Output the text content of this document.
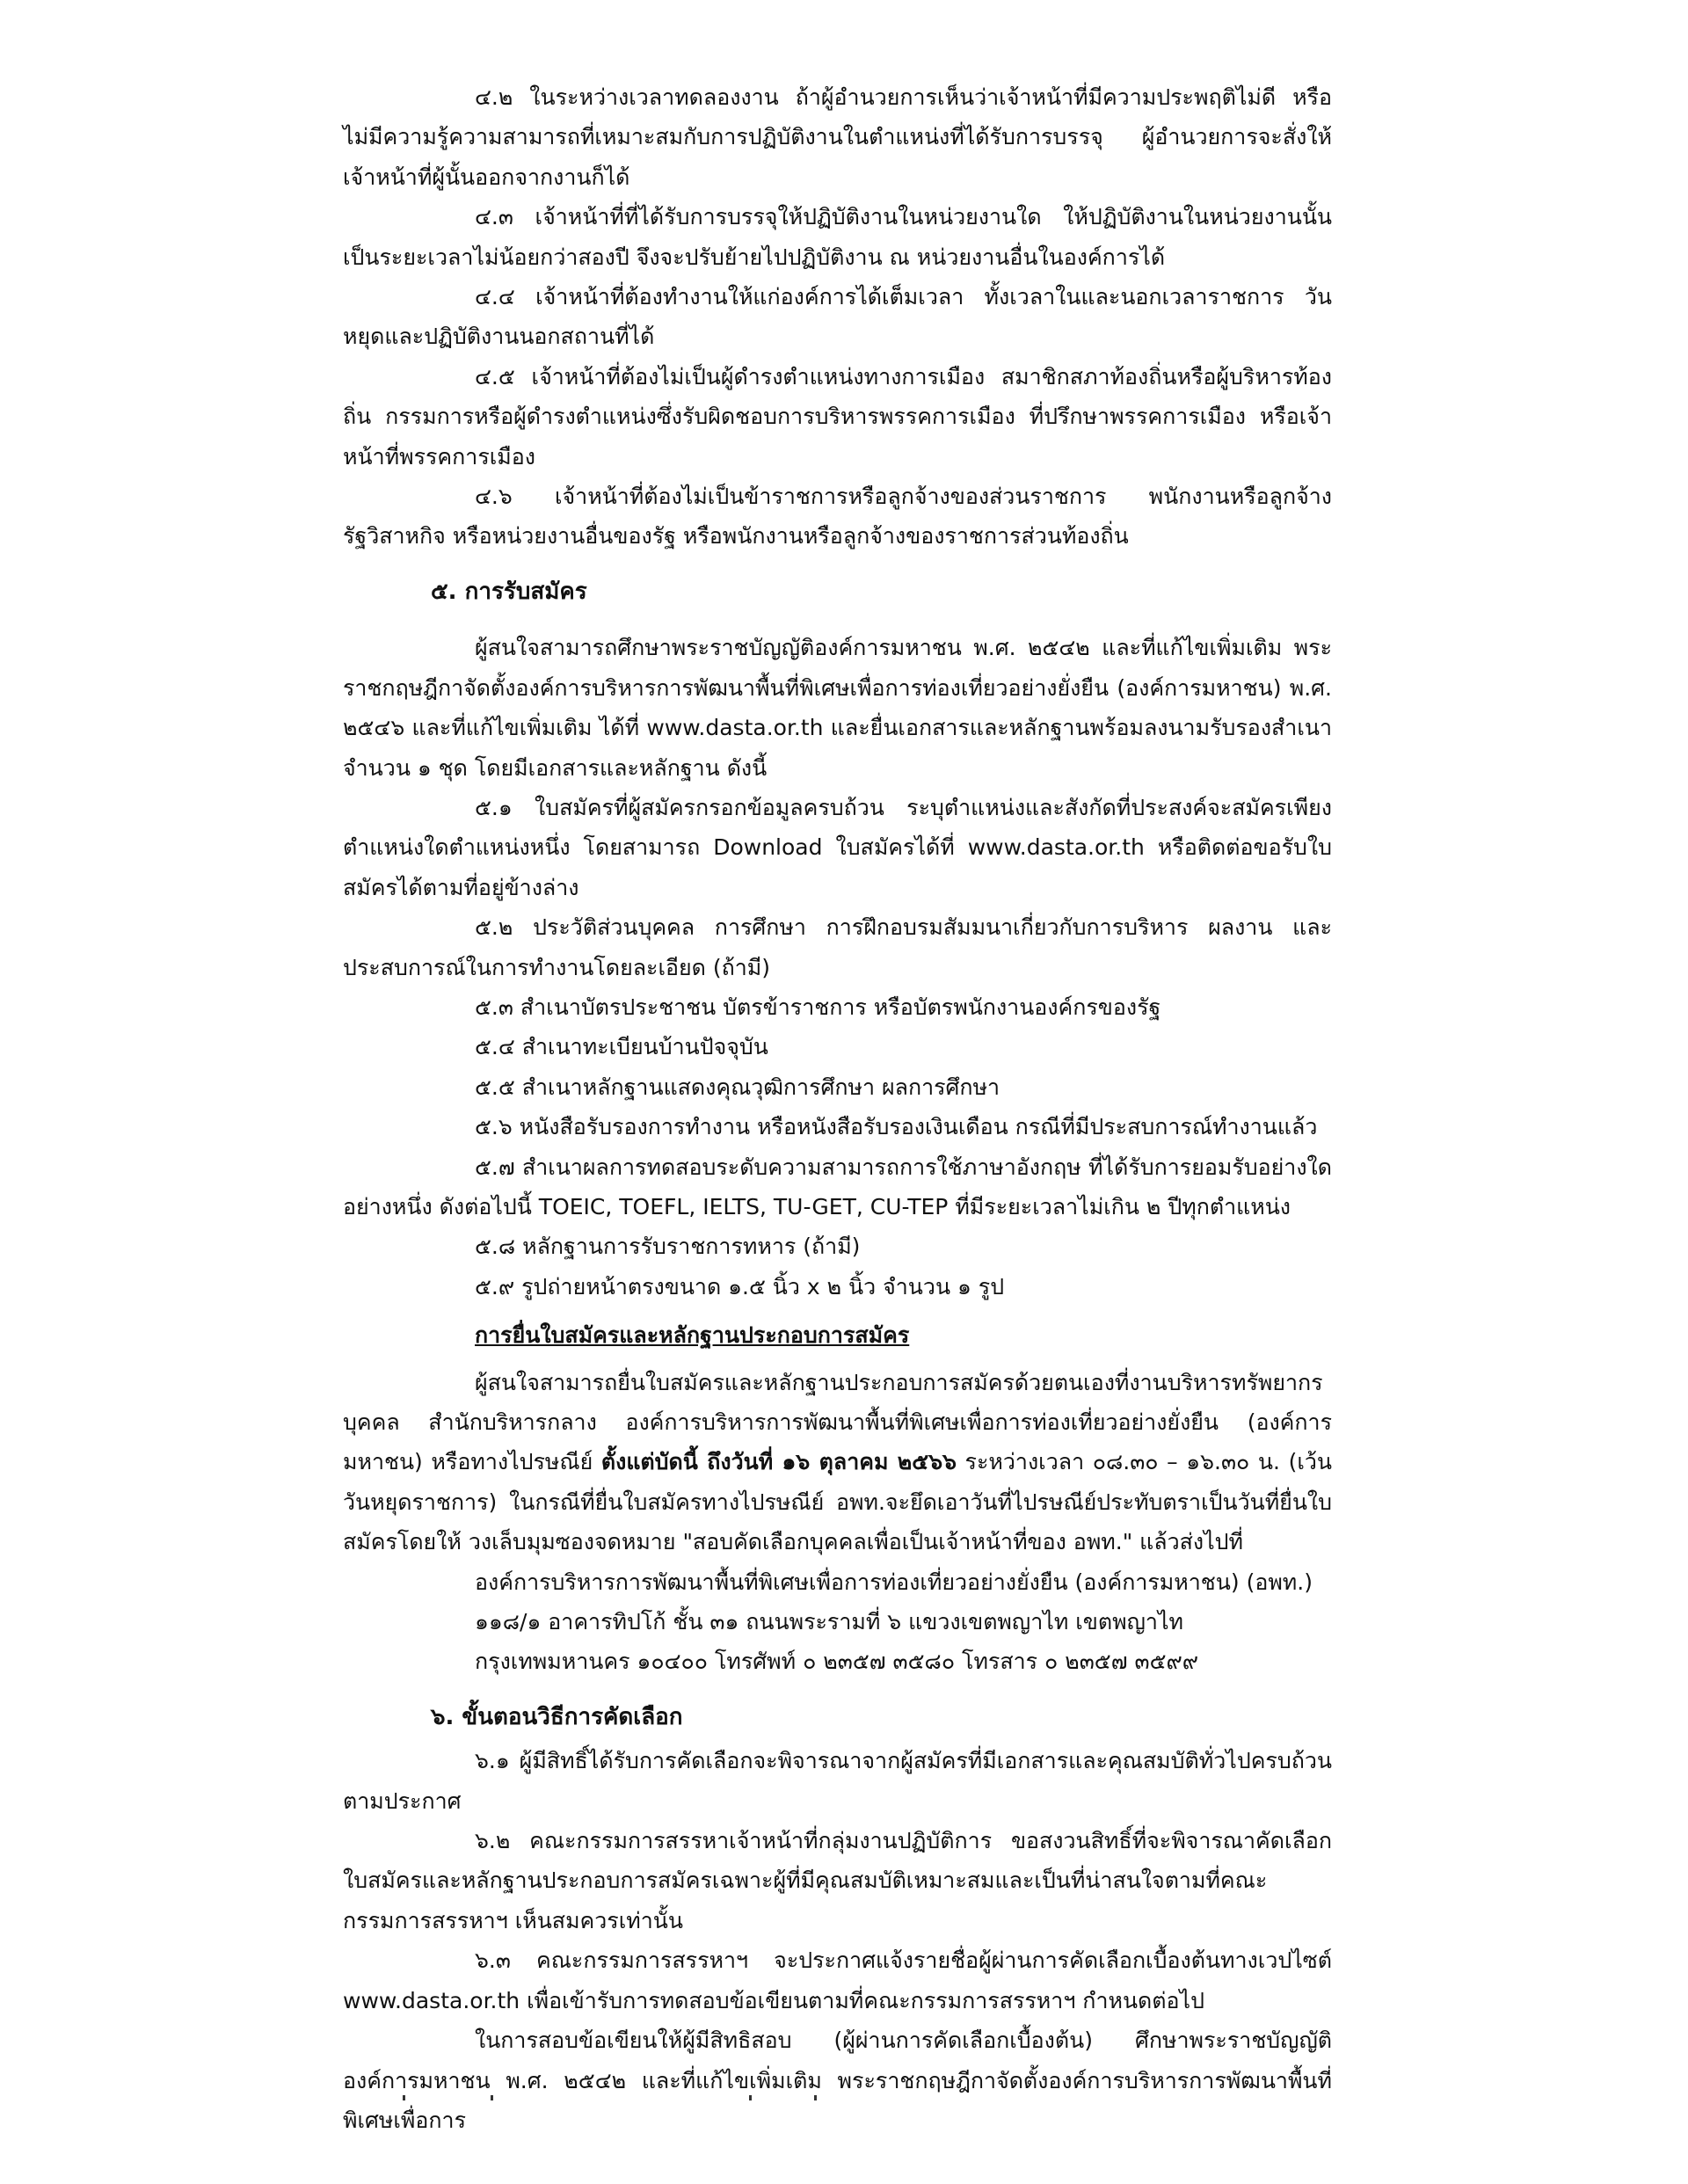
๔.๒ ในระหว่างเวลาทดลองงาน ถ้าผู้อำนวยการเห็นว่าเจ้าหน้าที่มีความประพฤติไม่ดี หรือไม่มีความรู้ความสามารถที่เหมาะสมกับการปฏิบัติงานในตำแหน่งที่ได้รับการบรรจุ ผู้อำนวยการจะสั่งให้เจ้าหน้าที่ผู้นั้นออกจากงานก็ได้

๔.๓ เจ้าหน้าที่ที่ได้รับการบรรจุให้ปฏิบัติงานในหน่วยงานใด ให้ปฏิบัติงานในหน่วยงานนั้นเป็นระยะเวลาไม่น้อยกว่าสองปี จึงจะปรับย้ายไปปฏิบัติงาน ณ หน่วยงานอื่นในองค์การได้

๔.๔ เจ้าหน้าที่ต้องทำงานให้แก่องค์การได้เต็มเวลา ทั้งเวลาในและนอกเวลาราชการ วันหยุดและปฏิบัติงานนอกสถานที่ได้

๔.๕ เจ้าหน้าที่ต้องไม่เป็นผู้ดำรงตำแหน่งทางการเมือง สมาชิกสภาท้องถิ่นหรือผู้บริหารท้องถิ่น กรรมการหรือผู้ดำรงตำแหน่งซึ่งรับผิดชอบการบริหารพรรคการเมือง ที่ปรึกษาพรรคการเมือง หรือเจ้าหน้าที่พรรคการเมือง

๔.๖ เจ้าหน้าที่ต้องไม่เป็นข้าราชการหรือลูกจ้างของส่วนราชการ พนักงานหรือลูกจ้างรัฐวิสาหกิจ หรือหน่วยงานอื่นของรัฐ หรือพนักงานหรือลูกจ้างของราชการส่วนท้องถิ่น

๕. การรับสมัคร

ผู้สนใจสามารถศึกษาพระราชบัญญัติองค์การมหาชน พ.ศ. ๒๕๔๒ และที่แก้ไขเพิ่มเติม พระราชกฤษฎีกาจัดตั้งองค์การบริหารการพัฒนาพื้นที่พิเศษเพื่อการท่องเที่ยวอย่างยั่งยืน (องค์การมหาชน) พ.ศ. ๒๕๔๖ และที่แก้ไขเพิ่มเติม ได้ที่ www.dasta.or.th และยื่นเอกสารและหลักฐานพร้อมลงนามรับรองสำเนา จำนวน ๑ ชุด โดยมีเอกสารและหลักฐาน ดังนี้

๕.๑ ใบสมัครที่ผู้สมัครกรอกข้อมูลครบถ้วน ระบุตำแหน่งและสังกัดที่ประสงค์จะสมัครเพียงตำแหน่งใดตำแหน่งหนึ่ง โดยสามารถ Download ใบสมัครได้ที่ www.dasta.or.th หรือติดต่อขอรับใบสมัครได้ตามที่อยู่ข้างล่าง

๕.๒ ประวัติส่วนบุคคล การศึกษา การฝึกอบรมสัมมนาเกี่ยวกับการบริหาร ผลงาน และประสบการณ์ในการทำงานโดยละเอียด (ถ้ามี)

๕.๓ สำเนาบัตรประชาชน บัตรข้าราชการ หรือบัตรพนักงานองค์กรของรัฐ

๕.๔ สำเนาทะเบียนบ้านปัจจุบัน

๕.๕ สำเนาหลักฐานแสดงคุณวุฒิการศึกษา ผลการศึกษา

๕.๖ หนังสือรับรองการทำงาน หรือหนังสือรับรองเงินเดือน กรณีที่มีประสบการณ์ทำงานแล้ว

๕.๗ สำเนาผลการทดสอบระดับความสามารถการใช้ภาษาอังกฤษ ที่ได้รับการยอมรับอย่างใดอย่างหนึ่ง ดังต่อไปนี้ TOEIC, TOEFL, IELTS, TU-GET, CU-TEP ที่มีระยะเวลาไม่เกิน ๒ ปีทุกตำแหน่ง

๕.๘ หลักฐานการรับราชการทหาร (ถ้ามี)

๕.๙ รูปถ่ายหน้าตรงขนาด ๑.๕ นิ้ว x ๒ นิ้ว จำนวน ๑ รูป

การยื่นใบสมัครและหลักฐานประกอบการสมัคร

ผู้สนใจสามารถยื่นใบสมัครและหลักฐานประกอบการสมัครด้วยตนเองที่งานบริหารทรัพยากรบุคคล สำนักบริหารกลาง องค์การบริหารการพัฒนาพื้นที่พิเศษเพื่อการท่องเที่ยวอย่างยั่งยืน (องค์การมหาชน) หรือทางไปรษณีย์ ตั้งแต่บัดนี้ ถึงวันที่ ๑๖ ตุลาคม ๒๕๖๖ ระหว่างเวลา ๐๘.๓๐ – ๑๖.๓๐ น. (เว้นวันหยุดราชการ) ในกรณีที่ยื่นใบสมัครทางไปรษณีย์ อพท.จะยึดเอาวันที่ไปรษณีย์ประทับตราเป็นวันที่ยื่นใบสมัครโดยให้ วงเล็บมุมซองจดหมาย "สอบคัดเลือกบุคคลเพื่อเป็นเจ้าหน้าที่ของ อพท." แล้วส่งไปที่

องค์การบริหารการพัฒนาพื้นที่พิเศษเพื่อการท่องเที่ยวอย่างยั่งยืน (องค์การมหาชน) (อพท.)

๑๑๘/๑ อาคารทิปโก้ ชั้น ๓๑ ถนนพระรามที่ ๖ แขวงเขตพญาไท เขตพญาไท

กรุงเทพมหานคร ๑๐๔๐๐ โทรศัพท์ ๐ ๒๓๕๗ ๓๕๘๐ โทรสาร ๐ ๒๓๕๗ ๓๕๙๙

๖. ขั้นตอนวิธีการคัดเลือก

๖.๑ ผู้มีสิทธิ์ได้รับการคัดเลือกจะพิจารณาจากผู้สมัครที่มีเอกสารและคุณสมบัติทั่วไปครบถ้วนตามประกาศ

๖.๒ คณะกรรมการสรรหาเจ้าหน้าที่กลุ่มงานปฏิบัติการ ขอสงวนสิทธิ์ที่จะพิจารณาคัดเลือกใบสมัครและหลักฐานประกอบการสมัครเฉพาะผู้ที่มีคุณสมบัติเหมาะสมและเป็นที่น่าสนใจตามที่คณะกรรมการสรรหาฯ เห็นสมควรเท่านั้น

๖.๓ คณะกรรมการสรรหาฯ จะประกาศแจ้งรายชื่อผู้ผ่านการคัดเลือกเบื้องต้นทางเวปไซต์ www.dasta.or.th เพื่อเข้ารับการทดสอบข้อเขียนตามที่คณะกรรมการสรรหาฯ กำหนดต่อไป

ในการสอบข้อเขียนให้ผู้มีสิทธิสอบ (ผู้ผ่านการคัดเลือกเบื้องต้น) ศึกษาพระราชบัญญัติองค์การมหาชน พ.ศ. ๒๕๔๒ และที่แก้ไขเพิ่มเติม พระราชกฤษฎีกาจัดตั้งองค์การบริหารการพัฒนาพื้นที่พิเศษเพื่อการ
